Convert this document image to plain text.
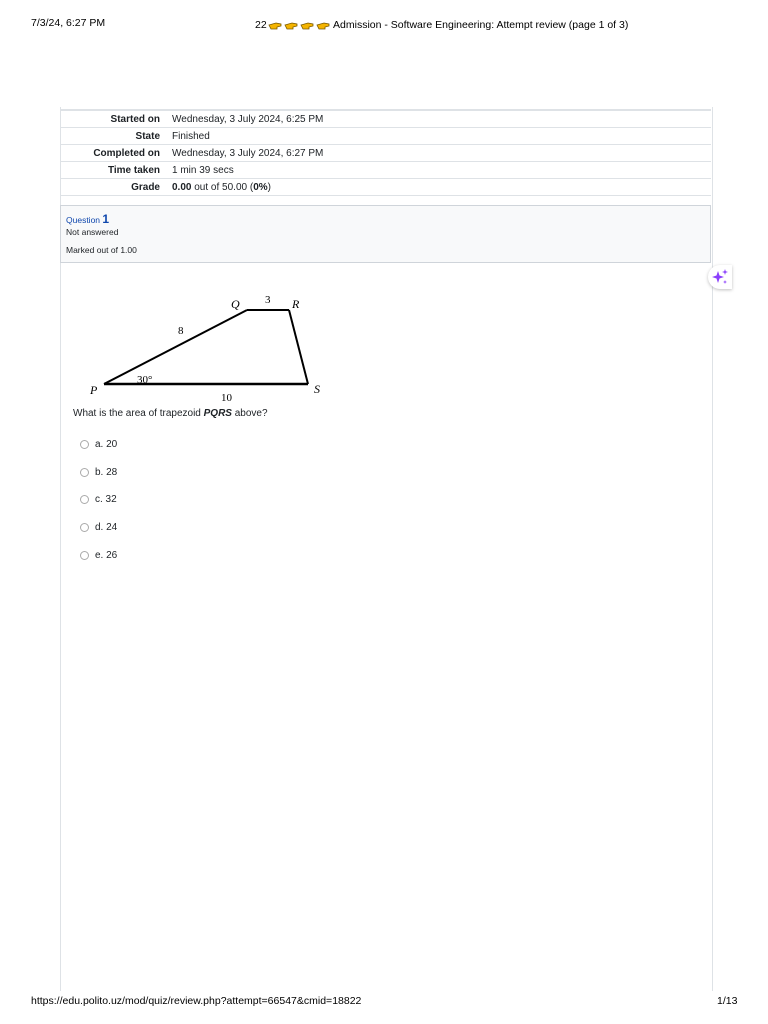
7/3/24, 6:27 PM	22	Admission - Software Engineering: Attempt review (page 1 of 3)
Started on	Wednesday, 3 July 2024, 6:25 PM
State	Finished
Completed on	Wednesday, 3 July 2024, 6:27 PM
Time taken	1 min 39 secs
Grade	0.00 out of 50.00 (0%)
Question 1
Not answered
Marked out of 1.00
Q 3 R
8
30°
P
10
S
What is the area of trapezoid PQRS above?
a. 20
b. 28
c. 32
d. 24
e. 26
https://edu.polito.uz/mod/quiz/review.php?attempt=66547&cmid=18822	1/13
